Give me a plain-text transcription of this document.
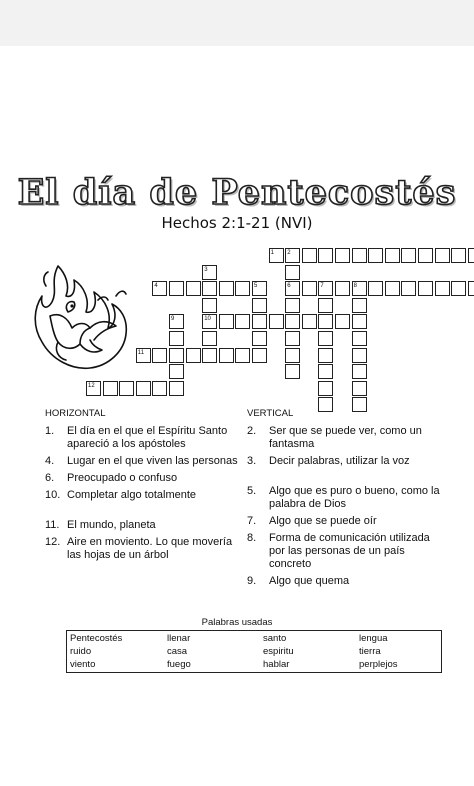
El día de Pentecostés
Hechos 2:1-21 (NVI)
1 2
6
3
10
4	5	7	8
9
11
12
HORIZONTAL
1.	El día en el que el Espíritu Santo apareció a los apóstoles
4.	Lugar en el que viven las personas
6.	Preocupado o confuso
10. Completar algo totalmente
11. El mundo, planeta
12. Aire en moviento. Lo que movería las hojas de un árbol
VERTICAL
2.	Ser que se puede ver, como un fantasma
3.	Decir palabras, utilizar la voz
5.	Algo que es puro o bueno, como la palabra de Dios
7.	Algo que se puede oír
8.	Forma de comunicación utilizada por las personas de un país concreto
9.	Algo que quema
Palabras usadas
Pentecostés	llenar	santo	lengua
ruido	casa	espiritu	tierra
viento	fuego	hablar	perplejos
